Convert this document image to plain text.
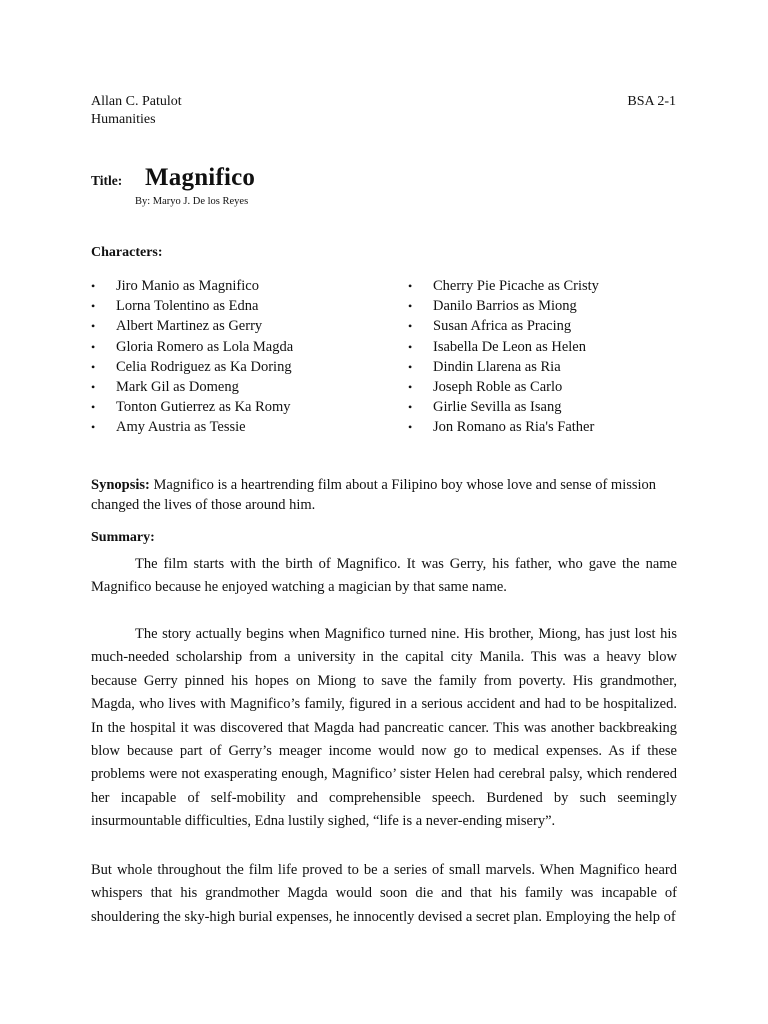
Allan C. Patulot
Humanities
BSA 2-1
Title: Magnifico
By: Maryo J. De los Reyes
Characters:
•	Jiro Manio as Magnifico
•	Lorna Tolentino as Edna
•	Albert Martinez as Gerry
•	Gloria Romero as Lola Magda
•	Celia Rodriguez as Ka Doring
•	Mark Gil as Domeng
•	Tonton Gutierrez as Ka Romy
•	Amy Austria as Tessie
•	Cherry Pie Picache as Cristy
•	Danilo Barrios as Miong
•	Susan Africa as Pracing
•	Isabella De Leon as Helen
•	Dindin Llarena as Ria
•	Joseph Roble as Carlo
•	Girlie Sevilla as Isang
•	Jon Romano as Ria's Father
Synopsis: Magnifico is a heartrending film about a Filipino boy whose love and sense of mission changed the lives of those around him.
Summary:

The film starts with the birth of Magnifico. It was Gerry, his father, who gave the name Magnifico because he enjoyed watching a magician by that same name.

The story actually begins when Magnifico turned nine. His brother, Miong, has just lost his much-needed scholarship from a university in the capital city Manila. This was a heavy blow because Gerry pinned his hopes on Miong to save the family from poverty. His grandmother, Magda, who lives with Magnifico’s family, figured in a serious accident and had to be hospitalized. In the hospital it was discovered that Magda had pancreatic cancer. This was another backbreaking blow because part of Gerry’s meager income would now go to medical expenses. As if these problems were not exasperating enough, Magnifico’ sister Helen had cerebral palsy, which rendered her incapable of self-mobility and comprehensible speech. Burdened by such seemingly insurmountable difficulties, Edna lustily sighed, “life is a never-ending misery”.

But whole throughout the film life proved to be a series of small marvels. When Magnifico heard whispers that his grandmother Magda would soon die and that his family was incapable of shouldering the sky-high burial expenses, he innocently devised a secret plan. Employing the help of
